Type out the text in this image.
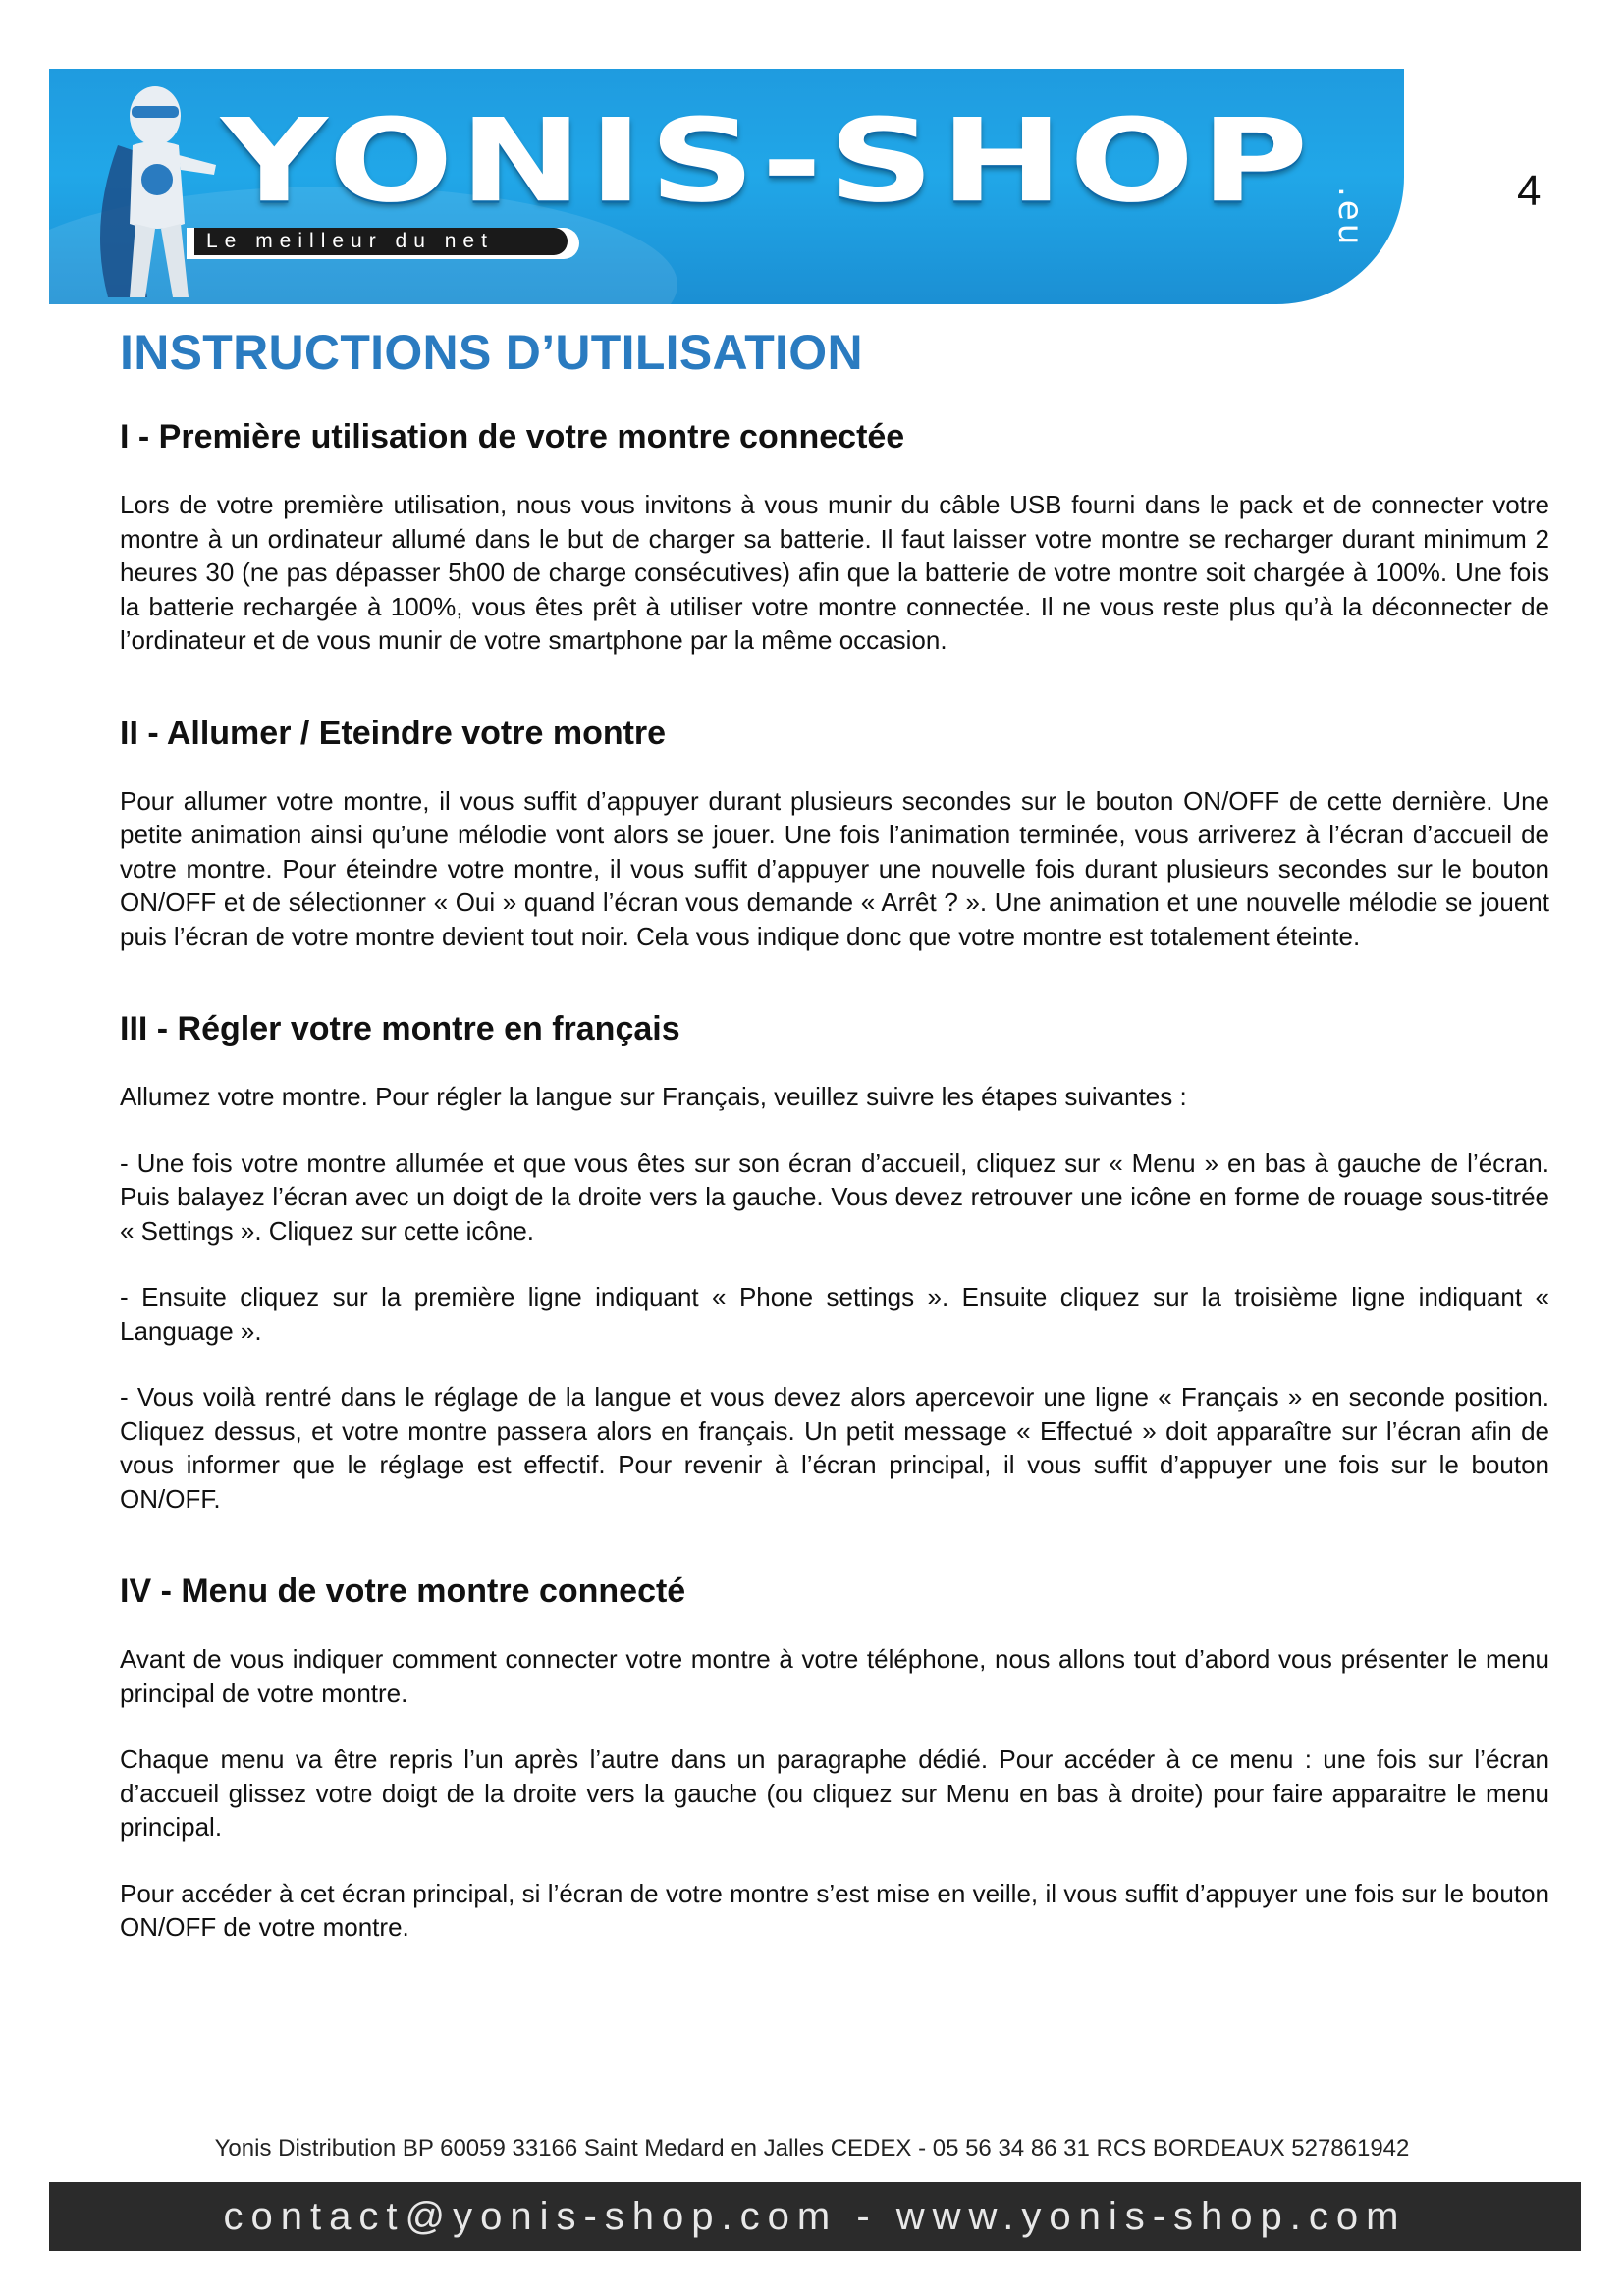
YONIS-SHOP .eu
Le meilleur du net
4
INSTRUCTIONS D’UTILISATION
I - Première utilisation de votre montre connectée

Lors de votre première utilisation, nous vous invitons à vous munir du câble USB fourni dans le pack et de connecter votre montre à un ordinateur allumé dans le but de charger sa batterie. Il faut laisser votre montre se recharger durant minimum 2 heures 30 (ne pas dépasser 5h00 de charge consécutives) afin que la batterie de votre montre soit chargée à 100%. Une fois la batterie rechargée à 100%, vous êtes prêt à utiliser votre montre connectée. Il ne vous reste plus qu’à la déconnecter de l’ordinateur et de vous munir de votre smartphone par la même occasion.

II - Allumer / Eteindre votre montre

Pour allumer votre montre, il vous suffit d’appuyer durant plusieurs secondes sur le bouton ON/OFF de cette dernière. Une petite animation ainsi qu’une mélodie vont alors se jouer. Une fois l’animation terminée, vous arriverez à l’écran d’accueil de votre montre. Pour éteindre votre montre, il vous suffit d’appuyer une nouvelle fois durant plusieurs secondes sur le bouton ON/OFF et de sélectionner « Oui » quand l’écran vous demande « Arrêt ? ». Une animation et une nouvelle mélodie se jouent puis l’écran de votre montre devient tout noir. Cela vous indique donc que votre montre est totalement éteinte.

III - Régler votre montre en français

Allumez votre montre. Pour régler la langue sur Français, veuillez suivre les étapes suivantes :

- Une fois votre montre allumée et que vous êtes sur son écran d’accueil, cliquez sur « Menu » en bas à gauche de l’écran. Puis balayez l’écran avec un doigt de la droite vers la gauche. Vous devez retrouver une icône en forme de rouage sous-titrée « Settings ». Cliquez sur cette icône.

- Ensuite cliquez sur la première ligne indiquant « Phone settings ». Ensuite cliquez sur la troisième ligne indiquant « Language ».

- Vous voilà rentré dans le réglage de la langue et vous devez alors apercevoir une ligne « Français » en seconde position. Cliquez dessus, et votre montre passera alors en français. Un petit message « Effectué » doit apparaître sur l’écran afin de vous informer que le réglage est effectif. Pour revenir à l’écran principal, il vous suffit d’appuyer une fois sur le bouton ON/OFF.

IV - Menu de votre montre connecté

Avant de vous indiquer comment connecter votre montre à votre téléphone, nous allons tout d’abord vous présenter le menu principal de votre montre.

Chaque menu va être repris l’un après l’autre dans un paragraphe dédié. Pour accéder à ce menu : une fois sur l’écran d’accueil glissez votre doigt de la droite vers la gauche (ou cliquez sur Menu en bas à droite) pour faire apparaitre le menu principal.

Pour accéder à cet écran principal, si l’écran de votre montre s’est mise en veille, il vous suffit d’appuyer une fois sur le bouton ON/OFF de votre montre.

Yonis Distribution BP 60059 33166 Saint Medard en Jalles CEDEX - 05 56 34 86 31 RCS BORDEAUX 527861942
contact@yonis-shop.com - www.yonis-shop.com
